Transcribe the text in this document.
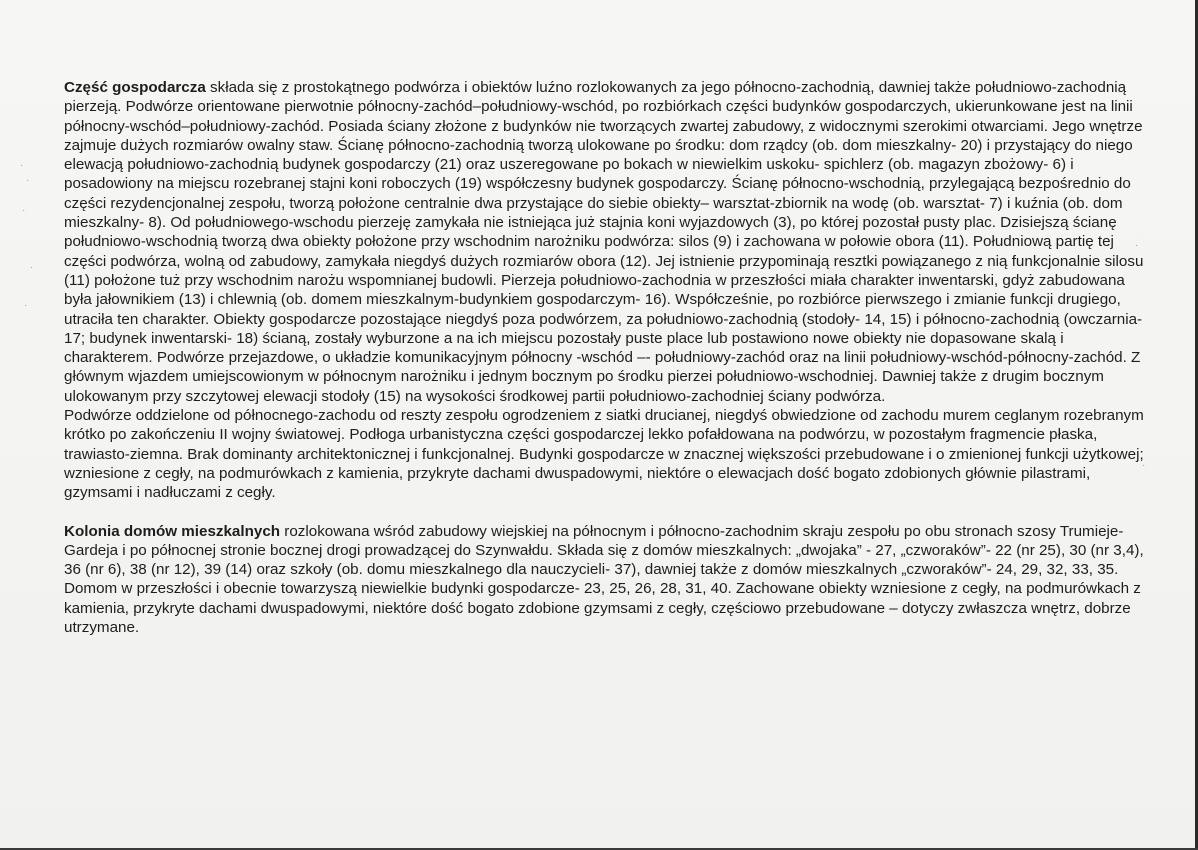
·
·
·
·
·
·
·

Część gospodarcza składa się z prostokątnego podwórza i obiektów luźno rozlokowanych za jego północno-zachodnią, dawniej także południowo-zachodnią pierzeją. Podwórze orientowane pierwotnie północny-zachód–południowy-wschód, po rozbiórkach części budynków gospodarczych, ukierunkowane jest na linii północny-wschód–południowy-zachód. Posiada ściany złożone z budynków nie tworzących zwartej zabudowy, z widocznymi szerokimi otwarciami. Jego wnętrze zajmuje dużych rozmiarów owalny staw. Ścianę północno-zachodnią tworzą ulokowane po środku: dom rządcy (ob. dom mieszkalny- 20) i przystający do niego elewacją południowo-zachodnią budynek gospodarczy (21) oraz uszeregowane po bokach w niewielkim uskoku- spichlerz (ob. magazyn zbożowy- 6) i posadowiony na miejscu rozebranej stajni koni roboczych (19) współczesny budynek gospodarczy. Ścianę północno-wschodnią, przylegającą bezpośrednio do części rezydencjonalnej zespołu, tworzą położone centralnie dwa przystające do siebie obiekty– warsztat-zbiornik na wodę (ob. warsztat- 7) i kuźnia (ob. dom mieszkalny- 8). Od południowego-wschodu pierzeję zamykała nie istniejąca już stajnia koni wyjazdowych (3), po której pozostał pusty plac. Dzisiejszą ścianę południowo-wschodnią tworzą dwa obiekty położone przy wschodnim narożniku podwórza: silos (9) i zachowana w połowie obora (11). Południową partię tej części podwórza, wolną od zabudowy, zamykała niegdyś dużych rozmiarów obora (12). Jej istnienie przypominają resztki powiązanego z nią funkcjonalnie silosu (11) położone tuż przy wschodnim narożu wspomnianej budowli. Pierzeja południowo-zachodnia w przeszłości miała charakter inwentarski, gdyż zabudowana była jałownikiem (13) i chlewnią (ob. domem mieszkalnym-budynkiem gospodarczym- 16). Współcześnie, po rozbiórce pierwszego i zmianie funkcji drugiego, utraciła ten charakter. Obiekty gospodarcze pozostające niegdyś poza podwórzem, za południowo-zachodnią (stodoły- 14, 15) i północno-zachodnią (owczarnia- 17; budynek inwentarski- 18) ścianą, zostały wyburzone a na ich miejscu pozostały puste place lub postawiono nowe obiekty nie dopasowane skalą i charakterem. Podwórze przejazdowe, o układzie komunikacyjnym północny -wschód –- południowy-zachód oraz na linii południowy-wschód-północny-zachód. Z głównym wjazdem umiejscowionym w północnym narożniku i jednym bocznym po środku pierzei południowo-wschodniej. Dawniej także z drugim bocznym ulokowanym przy szczytowej elewacji stodoły (15) na wysokości środkowej partii południowo-zachodniej ściany podwórza.

Podwórze oddzielone od północnego-zachodu od reszty zespołu ogrodzeniem z siatki drucianej, niegdyś obwiedzione od zachodu murem ceglanym rozebranym krótko po zakończeniu II wojny światowej. Podłoga urbanistyczna części gospodarczej lekko pofałdowana na podwórzu, w pozostałym fragmencie płaska, trawiasto-ziemna. Brak dominanty architektonicznej i funkcjonalnej. Budynki gospodarcze w znacznej większości przebudowane i o zmienionej funkcji użytkowej; wzniesione z cegły, na podmurówkach z kamienia, przykryte dachami dwuspadowymi, niektóre o elewacjach dość bogato zdobionych głównie pilastrami, gzymsami i nadłuczami z cegły.

Kolonia domów mieszkalnych rozlokowana wśród zabudowy wiejskiej na północnym i północno-zachodnim skraju zespołu po obu stronach szosy Trumieje-Gardeja i po północnej stronie bocznej drogi prowadzącej do Szynwałdu. Składa się z domów mieszkalnych: „dwojaka” - 27, „czworaków”- 22 (nr 25), 30 (nr 3,4), 36 (nr 6), 38 (nr 12), 39 (14) oraz szkoły (ob. domu mieszkalnego dla nauczycieli- 37), dawniej także z domów mieszkalnych „czworaków”- 24, 29, 32, 33, 35. Domom w przeszłości i obecnie towarzyszą niewielkie budynki gospodarcze- 23, 25, 26, 28, 31, 40. Zachowane obiekty wzniesione z cegły, na podmurówkach z kamienia, przykryte dachami dwuspadowymi, niektóre dość bogato zdobione gzymsami z cegły, częściowo przebudowane – dotyczy zwłaszcza wnętrz, dobrze utrzymane.
